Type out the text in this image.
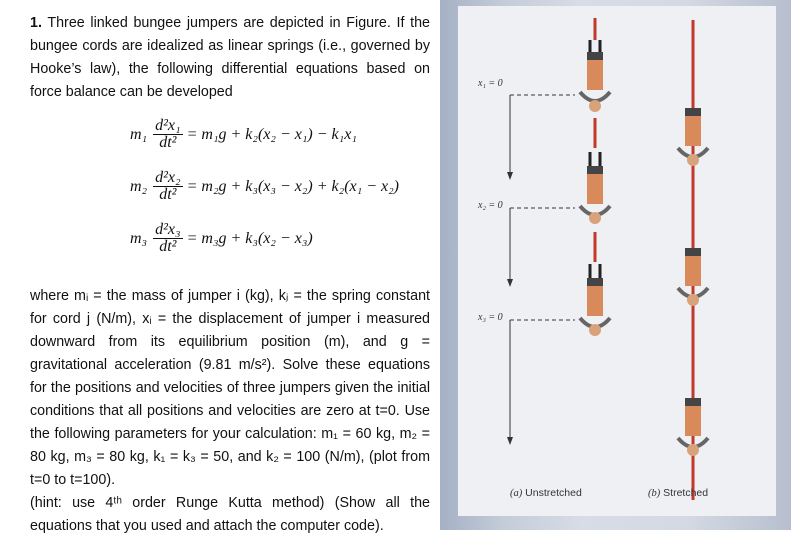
1. Three linked bungee jumpers are depicted in Figure. If the bungee cords are idealized as linear springs (i.e., governed by Hooke’s law), the following differential equations based on force balance can be developed

$m_1 \frac{\text{d²x₁}}{\text{dt²}} = m_1g + k_2(x_2 - x_1) - k_1x_1$
$m_2 \frac{\text{d²x₂}}{\text{dt²}} = m_2g + k_3(x_3 - x_2) + k_2(x_1 - x_2)$
$m_3 \frac{\text{d²x₃}}{\text{dt²}} = m_3g + k_3(x_2 - x_3)$

where mᵢ = the mass of jumper i (kg), kⱼ = the spring constant for cord j (N/m), xᵢ = the displacement of jumper i measured downward from its equilibrium position (m), and g = gravitational acceleration (9.81 m/s²). Solve these equations for the positions and velocities of three jumpers given the initial conditions that all positions and velocities are zero at t=0. Use the following parameters for your calculation: m₁ = 60 kg, m₂ = 80 kg, m₃ = 80 kg, k₁ = k₃ = 50, and k₂ = 100 (N/m), (plot from t=0 to t=100).

(hint: use 4ᵗʰ order Runge Kutta method) (Show all the equations that you used and attach the computer code).

x₁ = 0
x₂ = 0
x₃ = 0
(a) Unstretched	(b) Stretched
